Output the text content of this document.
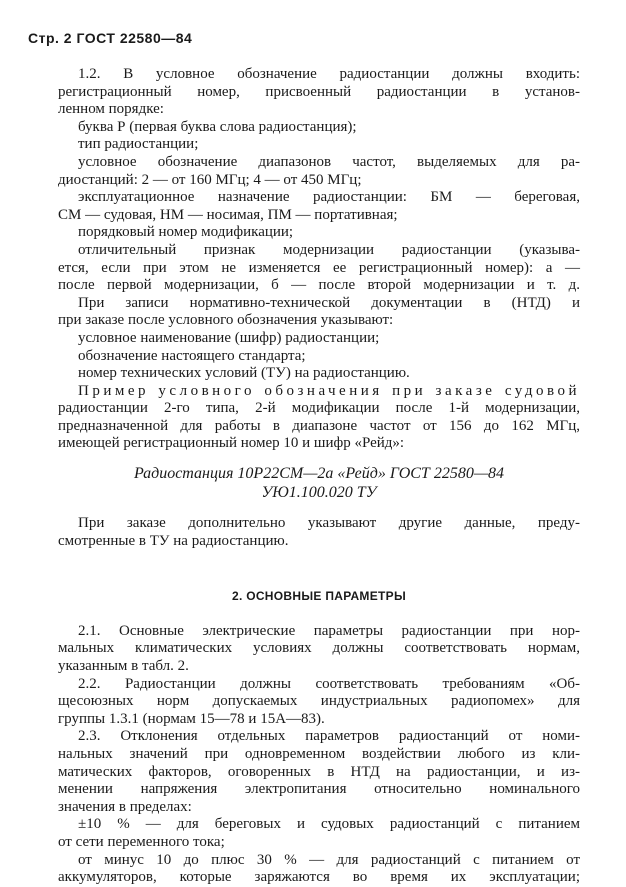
Стр. 2 ГОСТ 22580—84

1.2. В условное обозначение радиостанции должны входить:

регистрационный номер, присвоенный радиостанции в установ-

ленном порядке:

буква Р (первая буква слова радиостанция);

тип радиостанции;

условное обозначение диапазонов частот, выделяемых для ра-

диостанций: 2 — от 160 МГц; 4 — от 450 МГц;

эксплуатационное назначение радиостанции: БМ — береговая,

СМ — судовая, НМ — носимая, ПМ — портативная;

порядковый номер модификации;

отличительный признак модернизации радиостанции (указыва-

ется, если при этом не изменяется ее регистрационный номер): а —

после первой модернизации, б — после второй модернизации и т. д.

При записи нормативно-технической документации в (НТД) и

при заказе после условного обозначения указывают:

условное наименование (шифр) радиостанции;

обозначение настоящего стандарта;

номер технических условий (ТУ) на радиостанцию.

Пример условного обозначения при заказе судовой

радиостанции 2-го типа, 2-й модификации после 1-й модернизации,

предназначенной для работы в диапазоне частот от 156 до 162 МГц,

имеющей регистрационный номер 10 и шифр «Рейд»:

Радиостанция 10Р22СМ—2а «Рейд» ГОСТ 22580—84
УЮ1.100.020 ТУ

При заказе дополнительно указывают другие данные, преду-

смотренные в ТУ на радиостанцию.

2. ОСНОВНЫЕ ПАРАМЕТРЫ

2.1. Основные электрические параметры радиостанции при нор-

мальных климатических условиях должны соответствовать нормам,

указанным в табл. 2.

2.2. Радиостанции должны соответствовать требованиям «Об-

щесоюзных норм допускаемых индустриальных радиопомех» для

группы 1.3.1 (нормам 15—78 и 15А—83).

2.3. Отклонения отдельных параметров радиостанций от номи-

нальных значений при одновременном воздействии любого из кли-

матических факторов, оговоренных в НТД на радиостанции, и из-

менении напряжения электропитания относительно номинального

значения в пределах:

±10 % — для береговых и судовых радиостанций с питанием

от сети переменного тока;

от минус 10 до плюс 30 % — для радиостанций с питанием от

аккумуляторов, которые заряжаются во время их эксплуатации;
